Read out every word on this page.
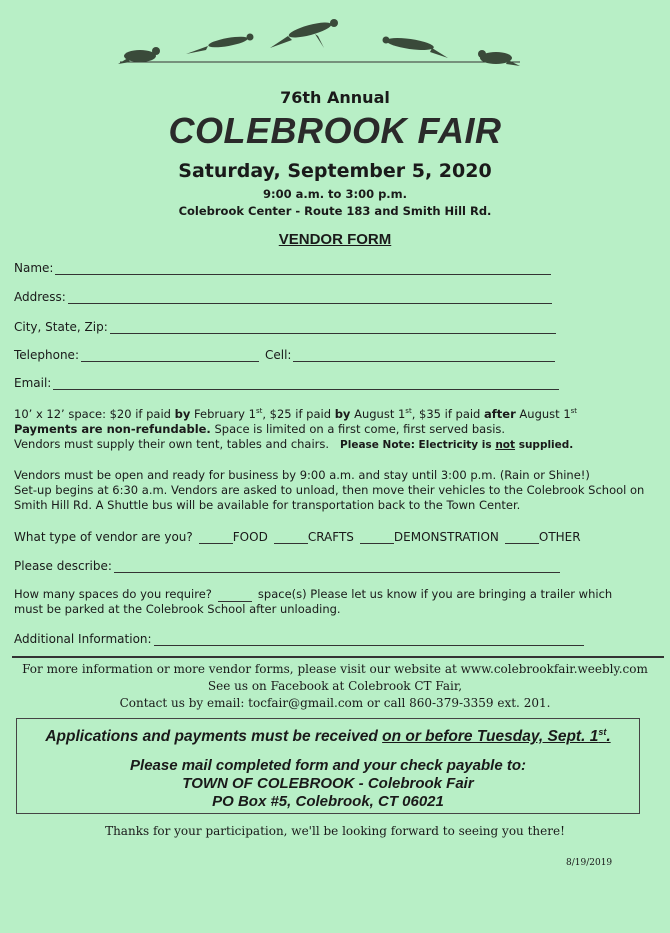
76th Annual
COLEBROOK FAIR
Saturday, September 5, 2020
9:00 a.m. to 3:00 p.m.
Colebrook Center - Route 183 and Smith Hill Rd.
VENDOR FORM
Name:
Address:
City, State, Zip:
Telephone:	Cell:
Email:
10’ x 12’ space: $20 if paid by February 1st, $25 if paid by August 1st, $35 if paid after August 1st
Payments are non-refundable. Space is limited on a first come, first served basis.
Vendors must supply their own tent, tables and chairs. Please Note: Electricity is not supplied.
Vendors must be open and ready for business by 9:00 a.m. and stay until 3:00 p.m. (Rain or Shine!)
Set-up begins at 6:30 a.m. Vendors are asked to unload, then move their vehicles to the Colebrook School on
Smith Hill Rd. A Shuttle bus will be available for transportation back to the Town Center.
What type of vendor are you?	FOOD	CRAFTS	DEMONSTRATION	OTHER
Please describe:
How many spaces do you require?	space(s) Please let us know if you are bringing a trailer which
must be parked at the Colebrook School after unloading.
Additional Information:
For more information or more vendor forms, please visit our website at www.colebrookfair.weebly.com
See us on Facebook at Colebrook CT Fair,
Contact us by email: tocfair@gmail.com or call 860-379-3359 ext. 201.
Applications and payments must be received on or before Tuesday, Sept. 1st.
Please mail completed form and your check payable to:
TOWN OF COLEBROOK - Colebrook Fair
PO Box #5, Colebrook, CT 06021
Thanks for your participation, we'll be looking forward to seeing you there!
8/19/2019
